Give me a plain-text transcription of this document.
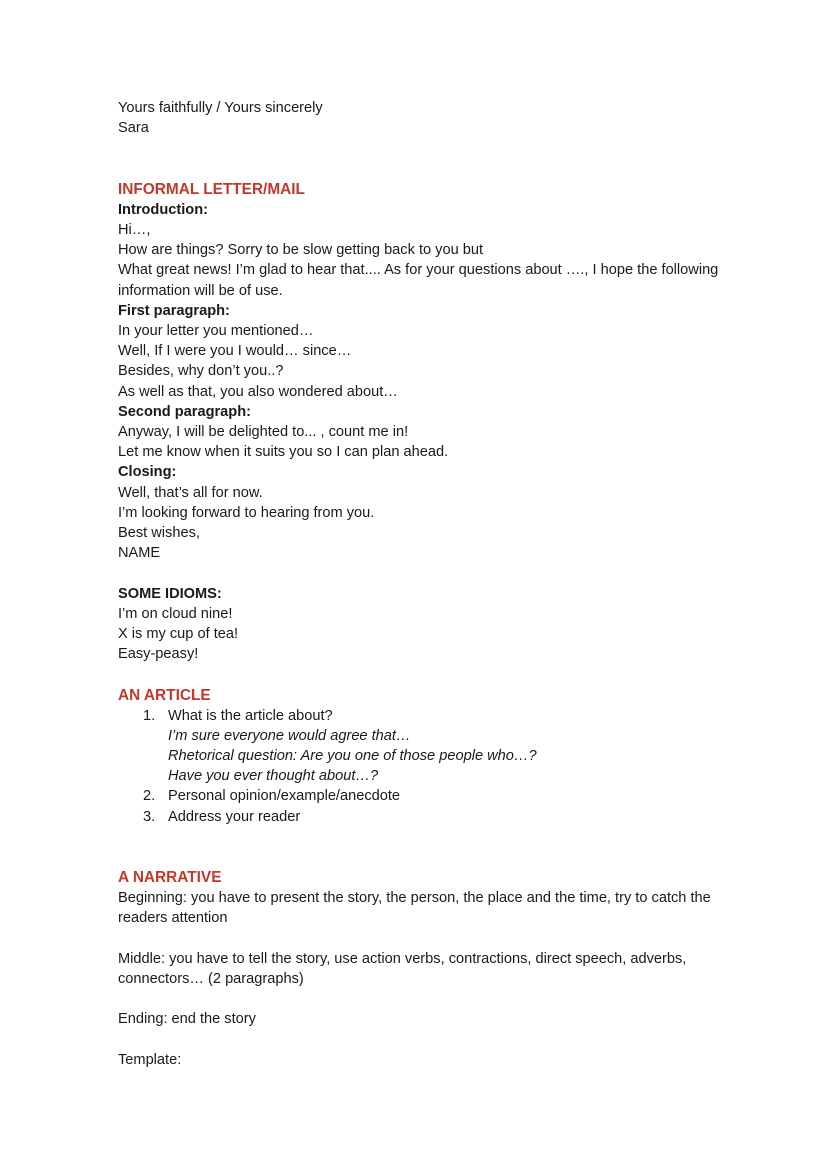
Yours faithfully / Yours sincerely
Sara
INFORMAL LETTER/MAIL
Introduction:
Hi…,
How are things? Sorry to be slow getting back to you but
What great news! I’m glad to hear that.... As for your questions about …., I hope the following
information will be of use.
First paragraph:
In your letter you mentioned…
Well, If I were you I would… since…
Besides, why don’t you..?
As well as that, you also wondered about…
Second paragraph:
Anyway, I will be delighted to... , count me in!
Let me know when it suits you so I can plan ahead.
Closing:
Well, that’s all for now.
I’m looking forward to hearing from you.
Best wishes,
NAME
SOME IDIOMS:
I’m on cloud nine!
X is my cup of tea!
Easy-peasy!
AN ARTICLE
1. What is the article about?
I’m sure everyone would agree that…
Rhetorical question: Are you one of those people who…?
Have you ever thought about…?
2. Personal opinion/example/anecdote
3. Address your reader
A NARRATIVE
Beginning: you have to present the story, the person, the place and the time, try to catch the
readers attention
Middle: you have to tell the story, use action verbs, contractions, direct speech, adverbs,
connectors… (2 paragraphs)
Ending: end the story
Template:
